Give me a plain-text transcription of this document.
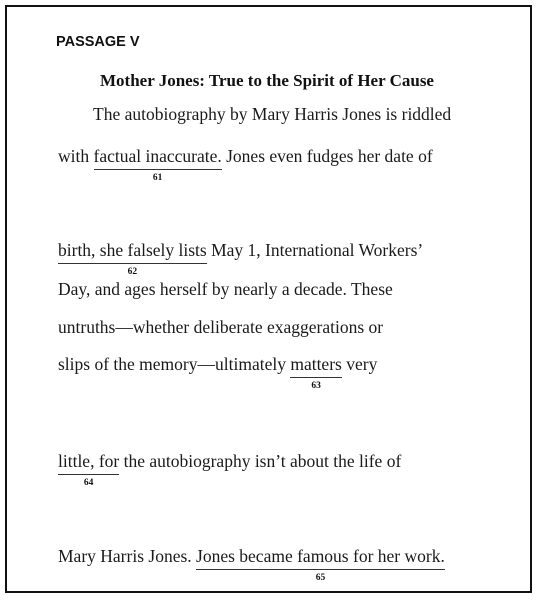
PASSAGE V
Mother Jones: True to the Spirit of Her Cause
The autobiography by Mary Harris Jones is riddled
with factual inaccurate.
61
Jones even fudges her date of
birth, she falsely lists
62
May 1, International Workers’
Day, and ages herself by nearly a decade. These
untruths—whether deliberate exaggerations or
slips of the memory—ultimately matters
63
very
little, for
64
the autobiography isn’t about the life of
Mary Harris Jones. Jones became famous for her work.
65
